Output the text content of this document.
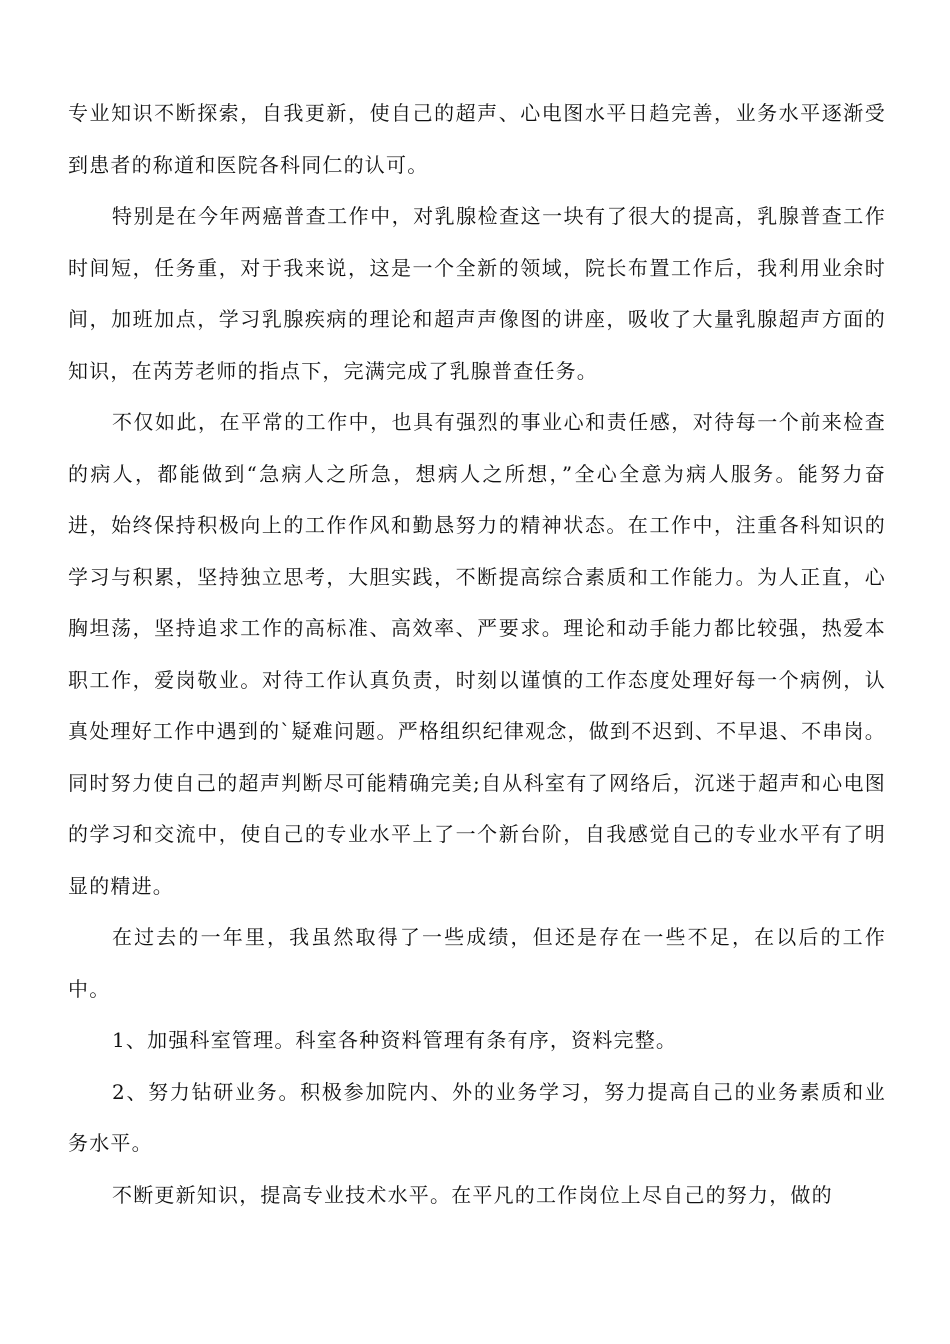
专业知识不断探索，自我更新，使自己的超声、心电图水平日趋完善，业务水平逐渐受到患者的称道和医院各科同仁的认可。

特别是在今年两癌普查工作中，对乳腺检查这一块有了很大的提高，乳腺普查工作时间短，任务重，对于我来说，这是一个全新的领域，院长布置工作后，我利用业余时间，加班加点，学习乳腺疾病的理论和超声声像图的讲座，吸收了大量乳腺超声方面的知识，在芮芳老师的指点下，完满完成了乳腺普查任务。

不仅如此，在平常的工作中，也具有强烈的事业心和责任感，对待每一个前来检查的病人，都能做到“急病人之所急，想病人之所想，”全心全意为病人服务。能努力奋进，始终保持积极向上的工作作风和勤恳努力的精神状态。在工作中，注重各科知识的学习与积累，坚持独立思考，大胆实践，不断提高综合素质和工作能力。为人正直，心胸坦荡，坚持追求工作的高标准、高效率、严要求。理论和动手能力都比较强，热爱本职工作，爱岗敬业。对待工作认真负责，时刻以谨慎的工作态度处理好每一个病例，认真处理好工作中遇到的`疑难问题。严格组织纪律观念，做到不迟到、不早退、不串岗。同时努力使自己的超声判断尽可能精确完美;自从科室有了网络后，沉迷于超声和心电图的学习和交流中，使自己的专业水平上了一个新台阶，自我感觉自己的专业水平有了明显的精进。

在过去的一年里，我虽然取得了一些成绩，但还是存在一些不足，在以后的工作中。

1、加强科室管理。科室各种资料管理有条有序，资料完整。

2、努力钻研业务。积极参加院内、外的业务学习，努力提高自己的业务素质和业务水平。

不断更新知识，提高专业技术水平。在平凡的工作岗位上尽自己的努力，做的
